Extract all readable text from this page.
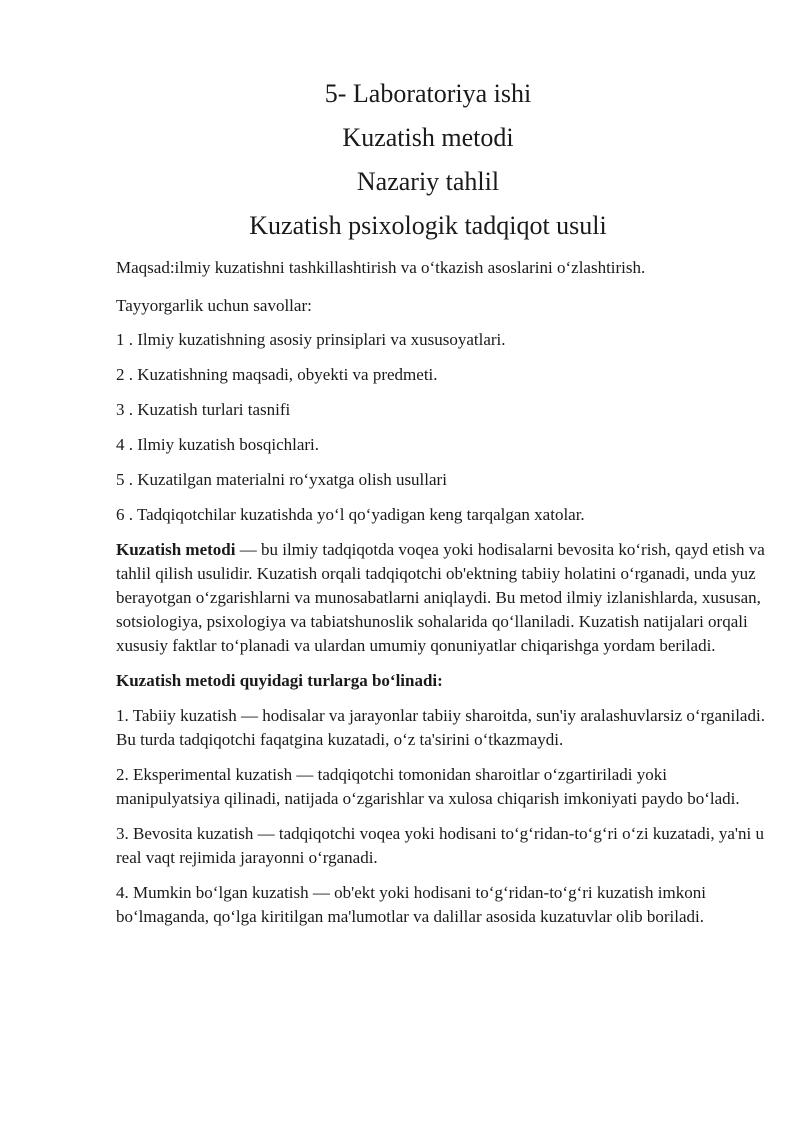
5- Laboratoriya ishi
Kuzatish metodi
Nazariy tahlil
Kuzatish psixologik tadqiqot usuli

Maqsad:ilmiy kuzatishni tashkillashtirish va o‘tkazish asoslarini o‘zlashtirish.

Tayyorgarlik uchun savollar:

1 . Ilmiy kuzatishning asosiy prinsiplari va xususoyatlari.
2 . Kuzatishning maqsadi, obyekti va predmeti.
3 . Kuzatish turlari tasnifi
4 . Ilmiy kuzatish bosqichlari.
5 . Kuzatilgan materialni ro‘yxatga olish usullari
6 . Tadqiqotchilar kuzatishda yo‘l qo‘yadigan keng tarqalgan xatolar.

Kuzatish metodi — bu ilmiy tadqiqotda voqea yoki hodisalarni bevosita ko‘rish, qayd etish va tahlil qilish usulidir. Kuzatish orqali tadqiqotchi ob'ektning tabiiy holatini o‘rganadi, unda yuz berayotgan o‘zgarishlarni va munosabatlarni aniqlaydi. Bu metod ilmiy izlanishlarda, xususan, sotsiologiya, psixologiya va tabiatshunoslik sohalarida qo‘llaniladi. Kuzatish natijalari orqali xususiy faktlar to‘planadi va ulardan umumiy qonuniyatlar chiqarishga yordam beriladi.

Kuzatish metodi quyidagi turlarga bo‘linadi:

1. Tabiiy kuzatish — hodisalar va jarayonlar tabiiy sharoitda, sun'iy aralashuvlarsiz o‘rganiladi. Bu turda tadqiqotchi faqatgina kuzatadi, o‘z ta'sirini o‘tkazmaydi.

2. Eksperimental kuzatish — tadqiqotchi tomonidan sharoitlar o‘zgartiriladi yoki manipulyatsiya qilinadi, natijada o‘zgarishlar va xulosa chiqarish imkoniyati paydo bo‘ladi.

3. Bevosita kuzatish — tadqiqotchi voqea yoki hodisani to‘g‘ridan-to‘g‘ri o‘zi kuzatadi, ya'ni u real vaqt rejimida jarayonni o‘rganadi.

4. Mumkin bo‘lgan kuzatish — ob'ekt yoki hodisani to‘g‘ridan-to‘g‘ri kuzatish imkoni bo‘lmaganda, qo‘lga kiritilgan ma'lumotlar va dalillar asosida kuzatuvlar olib boriladi.
